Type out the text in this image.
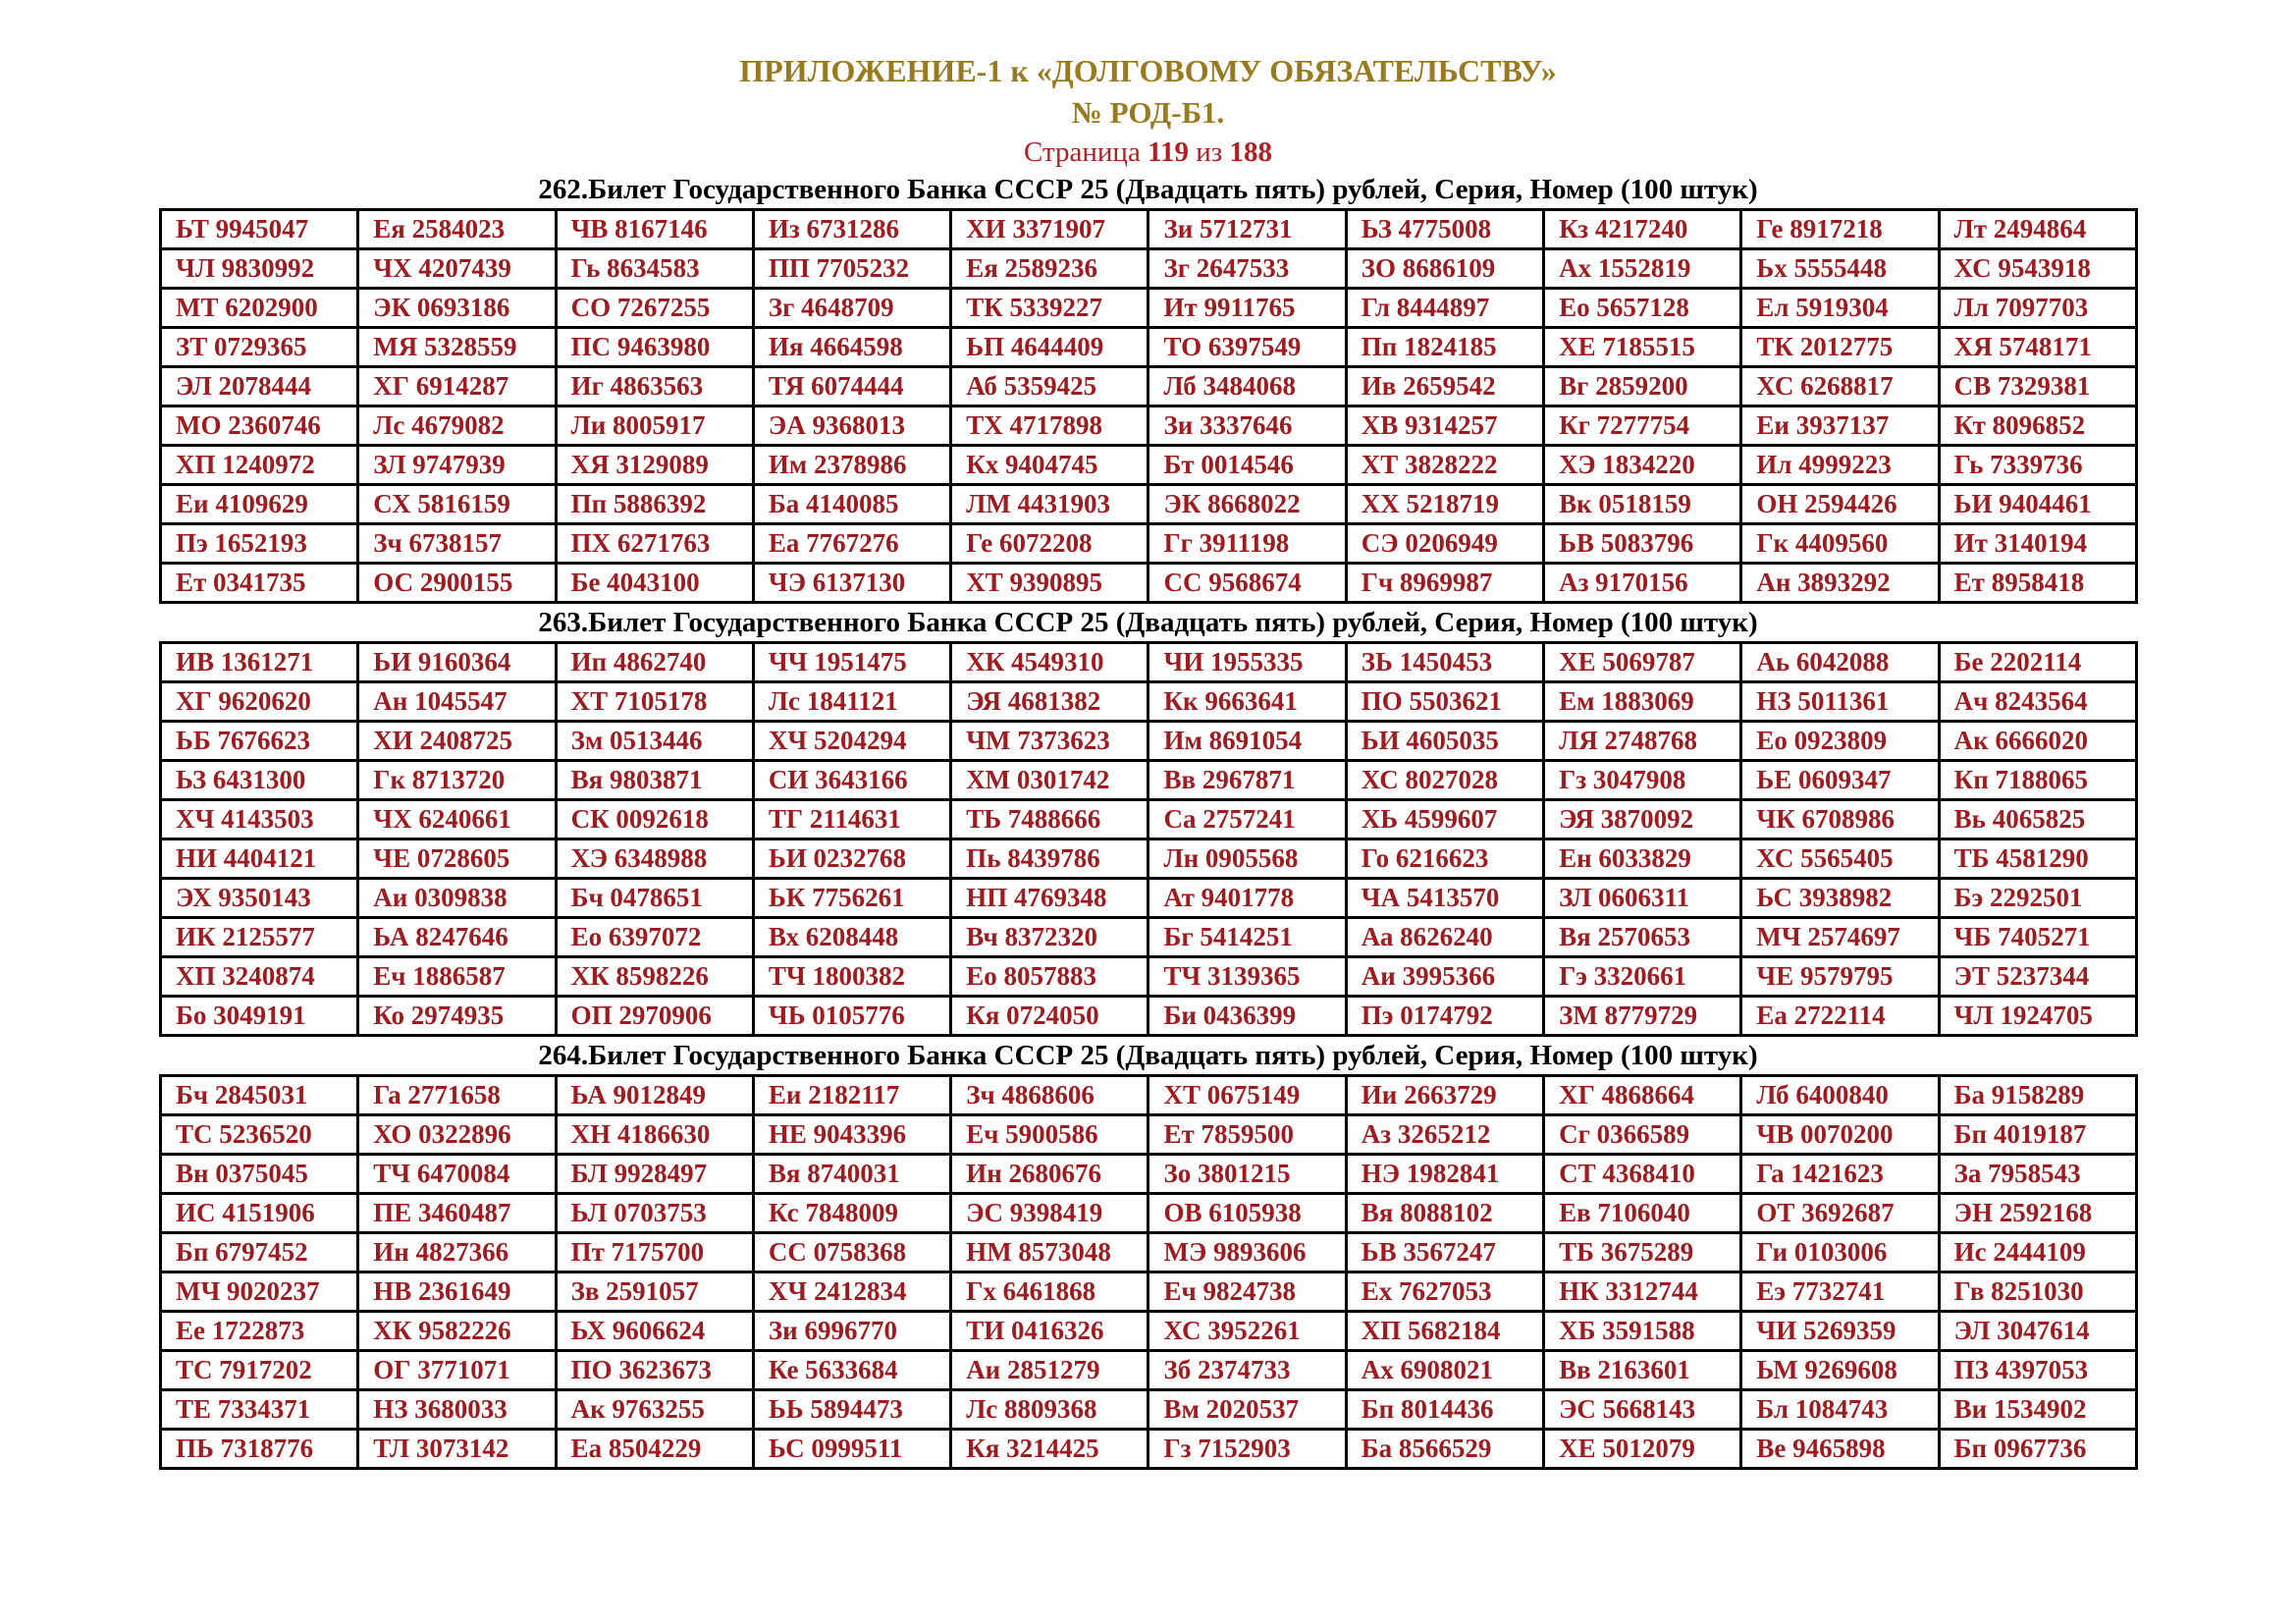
ПРИЛОЖЕНИЕ-1 к «ДОЛГОВОМУ ОБЯЗАТЕЛЬСТВУ»
№ РОД-Б1.
Страница 119 из 188
262.Билет Государственного Банка СССР 25 (Двадцать пять) рублей, Серия, Номер (100 штук)
ЬТ 9945047	Ея 2584023	ЧВ 8167146	Из 6731286	ХИ 3371907	Зи 5712731	ЬЗ 4775008	Кз 4217240	Ге 8917218	Лт 2494864
ЧЛ 9830992	ЧХ 4207439	Гь 8634583	ПП 7705232	Ея 2589236	Зг 2647533	ЗО 8686109	Ах 1552819	Ьх 5555448	ХС 9543918
МТ 6202900	ЭК 0693186	СО 7267255	Зг 4648709	ТК 5339227	Ит 9911765	Гл 8444897	Ео 5657128	Ел 5919304	Лл 7097703
ЗТ 0729365	МЯ 5328559	ПС 9463980	Ия 4664598	ЬП 4644409	ТО 6397549	Пп 1824185	ХЕ 7185515	ТК 2012775	ХЯ 5748171
ЭЛ 2078444	ХГ 6914287	Иг 4863563	ТЯ 6074444	Аб 5359425	Лб 3484068	Ив 2659542	Вг 2859200	ХС 6268817	СВ 7329381
МО 2360746	Лс 4679082	Ли 8005917	ЭА 9368013	ТХ 4717898	Зи 3337646	ХВ 9314257	Кг 7277754	Еи 3937137	Кт 8096852
ХП 1240972	ЗЛ 9747939	ХЯ 3129089	Им 2378986	Кх 9404745	Бт 0014546	ХТ 3828222	ХЭ 1834220	Ил 4999223	Гь 7339736
Еи 4109629	СХ 5816159	Пп 5886392	Ба 4140085	ЛМ 4431903	ЭК 8668022	ХХ 5218719	Вк 0518159	ОН 2594426	ЬИ 9404461
Пэ 1652193	Зч 6738157	ПХ 6271763	Еа 7767276	Ге 6072208	Гг 3911198	СЭ 0206949	ЬВ 5083796	Гк 4409560	Ит 3140194
Ет 0341735	ОС 2900155	Бе 4043100	ЧЭ 6137130	ХТ 9390895	СС 9568674	Гч 8969987	Аз 9170156	Ан 3893292	Ет 8958418
263.Билет Государственного Банка СССР 25 (Двадцать пять) рублей, Серия, Номер (100 штук)
ИВ 1361271	ЬИ 9160364	Ип 4862740	ЧЧ 1951475	ХК 4549310	ЧИ 1955335	ЗЬ 1450453	ХЕ 5069787	Аь 6042088	Бе 2202114
ХГ 9620620	Ан 1045547	ХТ 7105178	Лс 1841121	ЭЯ 4681382	Кк 9663641	ПО 5503621	Ем 1883069	НЗ 5011361	Ач 8243564
ЬБ 7676623	ХИ 2408725	Зм 0513446	ХЧ 5204294	ЧМ 7373623	Им 8691054	ЬИ 4605035	ЛЯ 2748768	Ео 0923809	Ак 6666020
ЬЗ 6431300	Гк 8713720	Вя 9803871	СИ 3643166	ХМ 0301742	Вв 2967871	ХС 8027028	Гз 3047908	ЬЕ 0609347	Кп 7188065
ХЧ 4143503	ЧХ 6240661	СК 0092618	ТГ 2114631	ТЬ 7488666	Са 2757241	ХЬ 4599607	ЭЯ 3870092	ЧК 6708986	Вь 4065825
НИ 4404121	ЧЕ 0728605	ХЭ 6348988	ЬИ 0232768	Пь 8439786	Лн 0905568	Го 6216623	Ен 6033829	ХС 5565405	ТБ 4581290
ЭХ 9350143	Аи 0309838	Бч 0478651	ЬК 7756261	НП 4769348	Ат 9401778	ЧА 5413570	ЗЛ 0606311	ЬС 3938982	Бэ 2292501
ИК 2125577	ЬА 8247646	Ео 6397072	Вх 6208448	Вч 8372320	Бг 5414251	Аа 8626240	Вя 2570653	МЧ 2574697	ЧБ 7405271
ХП 3240874	Еч 1886587	ХК 8598226	ТЧ 1800382	Ео 8057883	ТЧ 3139365	Аи 3995366	Гэ 3320661	ЧЕ 9579795	ЭТ 5237344
Бо 3049191	Ко 2974935	ОП 2970906	ЧЬ 0105776	Кя 0724050	Би 0436399	Пэ 0174792	ЗМ 8779729	Еа 2722114	ЧЛ 1924705
264.Билет Государственного Банка СССР 25 (Двадцать пять) рублей, Серия, Номер (100 штук)
Бч 2845031	Га 2771658	ЬА 9012849	Еи 2182117	Зч 4868606	ХТ 0675149	Ии 2663729	ХГ 4868664	Лб 6400840	Ба 9158289
ТС 5236520	ХО 0322896	ХН 4186630	НЕ 9043396	Еч 5900586	Ет 7859500	Аз 3265212	Сг 0366589	ЧВ 0070200	Бп 4019187
Вн 0375045	ТЧ 6470084	БЛ 9928497	Вя 8740031	Ин 2680676	Зо 3801215	НЭ 1982841	СТ 4368410	Га 1421623	За 7958543
ИС 4151906	ПЕ 3460487	ЬЛ 0703753	Кс 7848009	ЭС 9398419	ОВ 6105938	Вя 8088102	Ев 7106040	ОТ 3692687	ЭН 2592168
Бп 6797452	Ин 4827366	Пт 7175700	СС 0758368	НМ 8573048	МЭ 9893606	ЬВ 3567247	ТБ 3675289	Ги 0103006	Ис 2444109
МЧ 9020237	НВ 2361649	Зв 2591057	ХЧ 2412834	Гх 6461868	Еч 9824738	Ех 7627053	НК 3312744	Еэ 7732741	Гв 8251030
Ее 1722873	ХК 9582226	ЬХ 9606624	Зи 6996770	ТИ 0416326	ХС 3952261	ХП 5682184	ХБ 3591588	ЧИ 5269359	ЭЛ 3047614
ТС 7917202	ОГ 3771071	ПО 3623673	Ке 5633684	Аи 2851279	Зб 2374733	Ах 6908021	Вв 2163601	ЬМ 9269608	ПЗ 4397053
ТЕ 7334371	НЗ 3680033	Ак 9763255	ЬЬ 5894473	Лс 8809368	Вм 2020537	Бп 8014436	ЭС 5668143	Бл 1084743	Ви 1534902
ПЬ 7318776	ТЛ 3073142	Еа 8504229	ЬС 0999511	Кя 3214425	Гз 7152903	Ба 8566529	ХЕ 5012079	Ве 9465898	Бп 0967736
